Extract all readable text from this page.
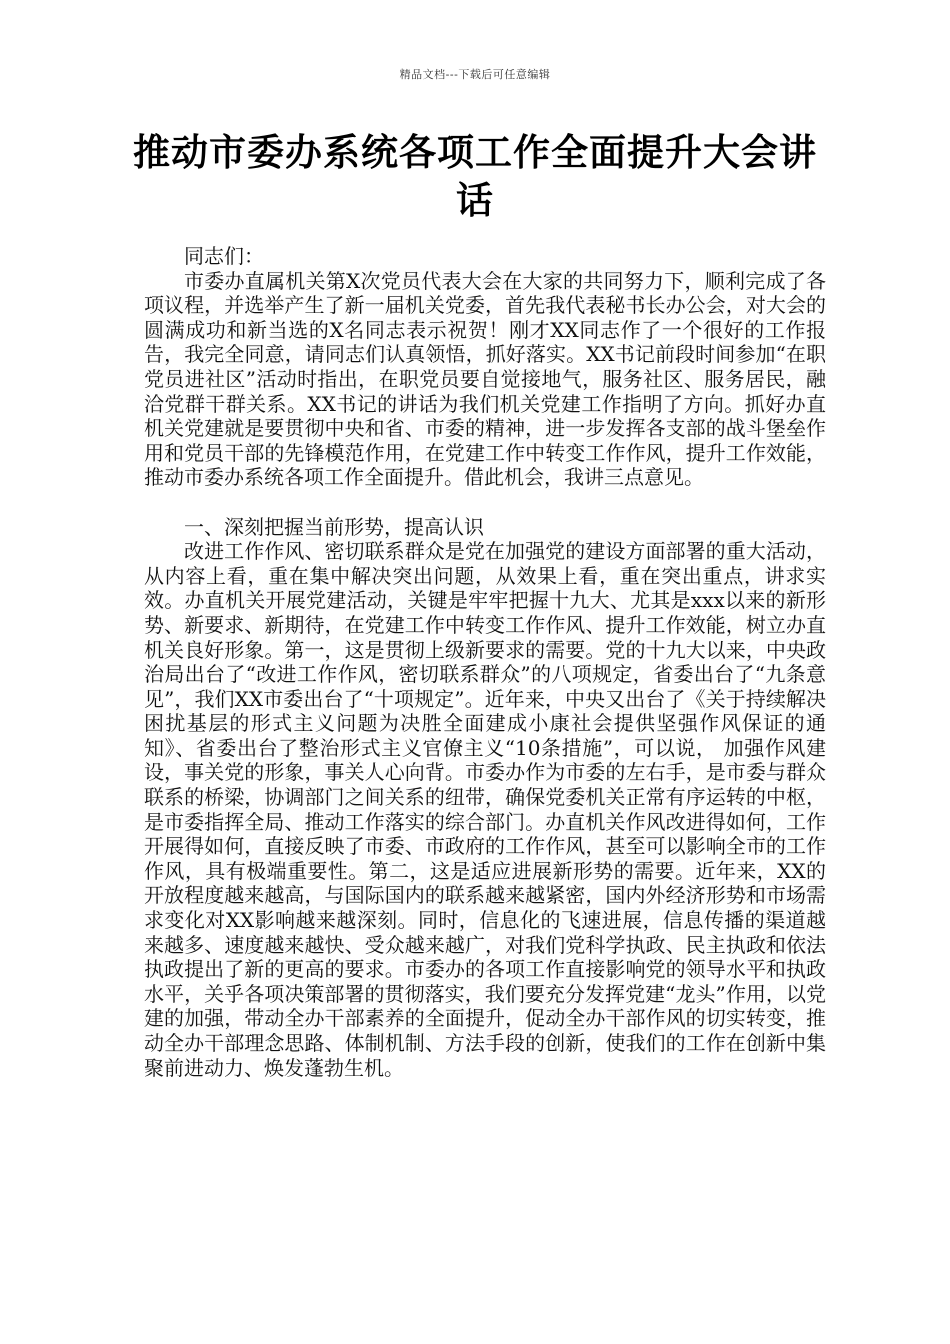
精品文档---下载后可任意编辑
推动市委办系统各项工作全面提升大会讲话

同志们：

市委办直属机关第X次党员代表大会在大家的共同努力下，顺利完成了各项议程，并选举产生了新一届机关党委，首先我代表秘书长办公会，对大会的圆满成功和新当选的X名同志表示祝贺！刚才XX同志作了一个很好的工作报告，我完全同意，请同志们认真领悟，抓好落实。XX书记前段时间参加“在职党员进社区”活动时指出，在职党员要自觉接地气，服务社区、服务居民，融洽党群干群关系。XX书记的讲话为我们机关党建工作指明了方向。抓好办直机关党建就是要贯彻中央和省、市委的精神，进一步发挥各支部的战斗堡垒作用和党员干部的先锋模范作用，在党建工作中转变工作作风，提升工作效能，推动市委办系统各项工作全面提升。借此机会，我讲三点意见。

一、深刻把握当前形势，提高认识

改进工作作风、密切联系群众是党在加强党的建设方面部署的重大活动，从内容上看，重在集中解决突出问题，从效果上看，重在突出重点，讲求实效。办直机关开展党建活动，关键是牢牢把握十九大、尤其是xxx以来的新形势、新要求、新期待，在党建工作中转变工作作风、提升工作效能，树立办直机关良好形象。第一，这是贯彻上级新要求的需要。党的十九大以来，中央政治局出台了“改进工作作风，密切联系群众”的八项规定，省委出台了“九条意见”，我们XX市委出台了“十项规定”。近年来，中央又出台了《关于持续解决困扰基层的形式主义问题为决胜全面建成小康社会提供坚强作风保证的通知》、省委出台了整治形式主义官僚主义“10条措施”，可以说， 加强作风建设，事关党的形象，事关人心向背。市委办作为市委的左右手，是市委与群众联系的桥梁，协调部门之间关系的纽带，确保党委机关正常有序运转的中枢，是市委指挥全局、推动工作落实的综合部门。办直机关作风改进得如何，工作开展得如何，直接反映了市委、市政府的工作作风，甚至可以影响全市的工作作风，具有极端重要性。第二，这是适应进展新形势的需要。近年来，XX的开放程度越来越高，与国际国内的联系越来越紧密，国内外经济形势和市场需求变化对XX影响越来越深刻。同时，信息化的飞速进展，信息传播的渠道越来越多、速度越来越快、受众越来越广，对我们党科学执政、民主执政和依法执政提出了新的更高的要求。市委办的各项工作直接影响党的领导水平和执政水平，关乎各项决策部署的贯彻落实，我们要充分发挥党建“龙头”作用，以党建的加强，带动全办干部素养的全面提升，促动全办干部作风的切实转变，推动全办干部理念思路、体制机制、方法手段的创新，使我们的工作在创新中集聚前进动力、焕发蓬勃生机。
